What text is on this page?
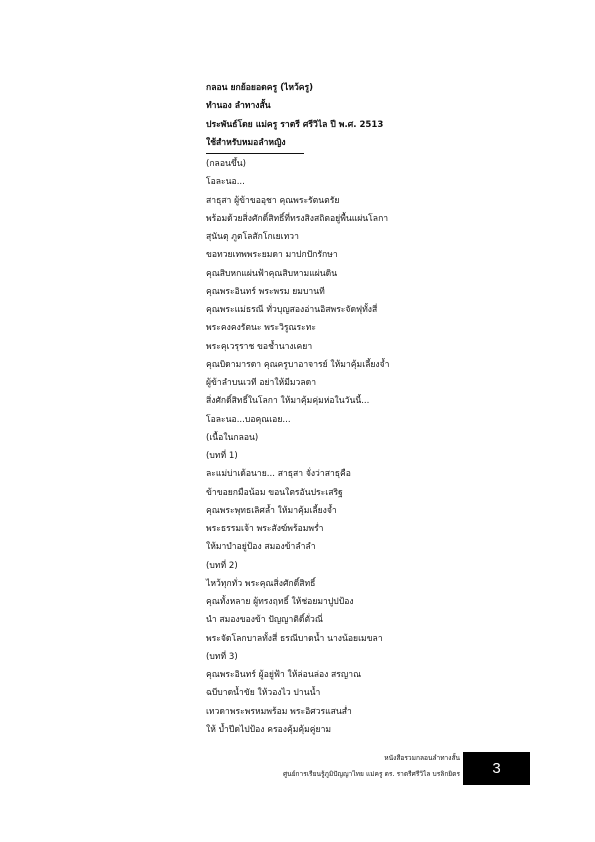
กลอน ยกย้อยอดครู (ไหว้ครู)
ทำนอง ลำทางสั้น
ประพันธ์โดย แม่ครู ราตรี ศรีวิไล ปี พ.ศ. 2513
ใช้สำหรับหมอลำหญิง
(กลอนขึ้น)
โอละนอ...
สาธุสา ผู้ข้าขออุชา คุณพระรัตนตรัย
พร้อมด้วยสิ่งศักดิ์สิทธิ์ที่ทรงสิงสถิตอยู่พื้นแผ่นโลกา
สุนันตุ ภูตโลสักโกเยเทวา
ขอทวยเทพพระยมดา มาปกปักรักษา
คุณสิบหกแผ่นฟ้าคุณสิบหามแผ่นดิน
คุณพระอินทร์ พระพรม ยมบานที
คุณพระแม่ธรณี ทั่วบุญสองอ่านอิสพระจัดฟุทั้งสี่
พระคงคงรัตนะ พระวิรูณระทะ
พระคุเวรุราช ขอช้ำนางเคยา
คุณบิดามารดา คุณครูบาอาจารย์ ให้มาคุ้มเลี้ยงจ้ำ
ผู้ข้าลำบนเวที อย่าให้มีมวลดา
สิ่งศักดิ์สิทธิ์ในโลกา ให้มาคุ้มคุ่มห่อในวันนี้...
โอละนอ...บอคุณเอย...
(เนื้อในกลอน)
(บทที่ 1)
ละแม่บ่าเด้อนาย... สาธุสา จั่งว่าสาธุคือ
ข้าขอยกมือน้อม ขอนใตรอันประเสริฐ
คุณพระพุทธเลิศล้ำ ให้มาคุ้มเลี้ยงจ้ำ
พระธรรมเจ้า พระสังฆ์พร้อมพร่ำ
ให้มาบำอยู่ป้อง สมองข้าลำลำ
(บทที่ 2)
ไหว้ทุกทั่ว พระคุณสิ่งศักดิ์สิทธิ์
คุณทั้งหลาย ผู้ทรงฤทธิ์ ให้ช่อยมาปูปป้อง
นำ สมองของข้า ปัญญาติดิ์ตั่วณี่
พระจัดโลกบาลทั้งสี่ ธรณีบาดน้ำ นางน้อยเมขลา
(บทที่ 3)
คุณพระอินทร์ ผู้อยู่ฟ้า ให้ล่อนล่อง สรญาณ
ฉบีบาดน้ำขัย ให้วองไว ปานน้ำ
เทวดาพระพรหมพร้อม พระอิศวรแสนส่ำ
ให้ บ้ำปีดไปป้อง ครองคุ้มคุ้มคู่ยาม
หนังสือรวมกลอนลำทางสั้น
ศูนย์การเรียนรู้ภูมิปัญญาไทย แม่ครู ดร. ราตรีศรีวิไล บรลิกยิตร 3
